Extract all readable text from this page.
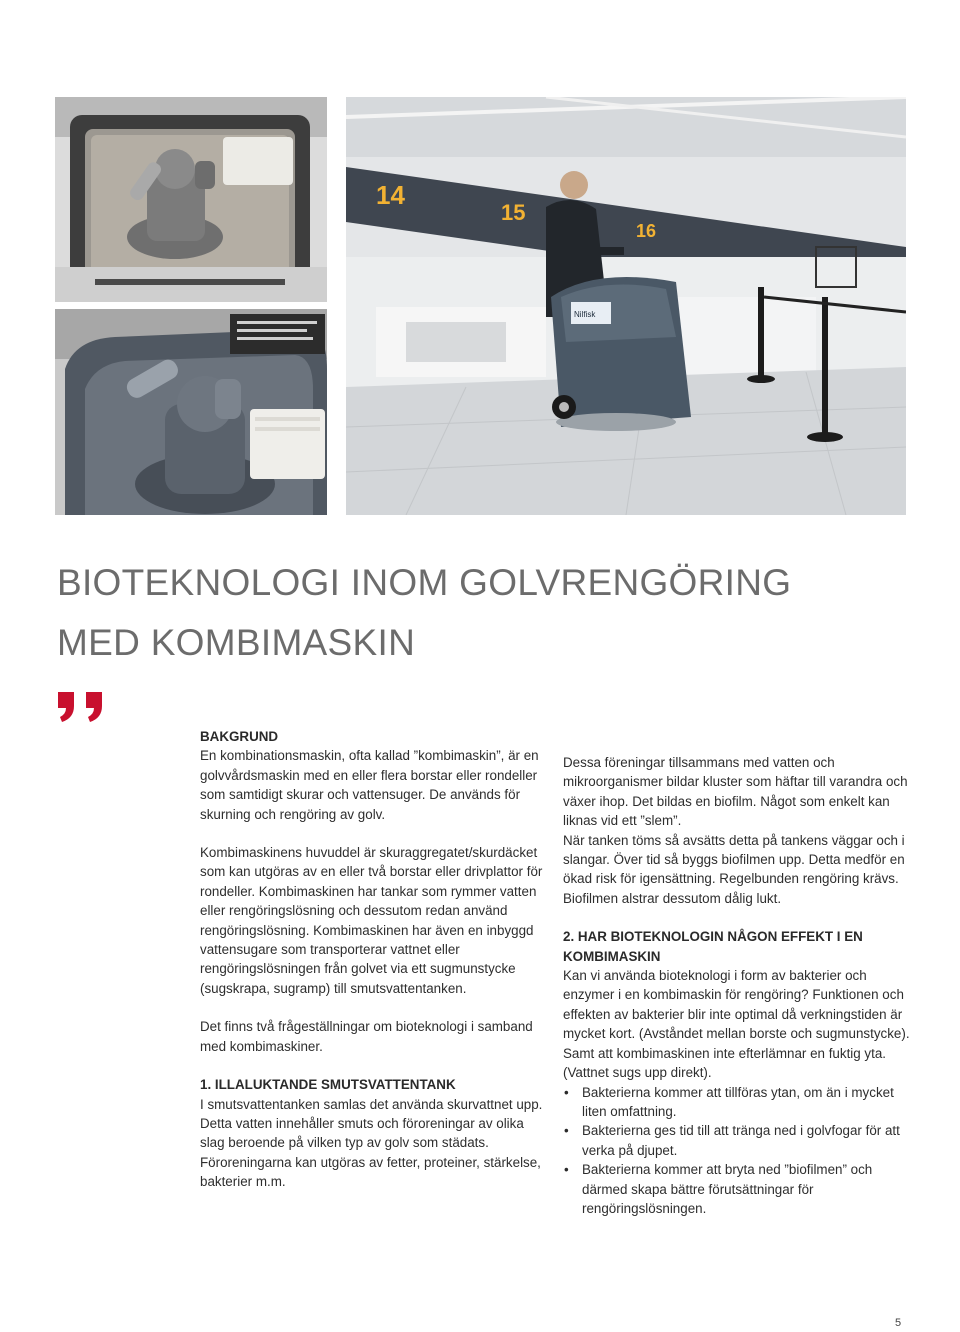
14
15
16
Nilfisk
BIOTEKNOLOGI INOM GOLVRENGÖRING
MED KOMBIMASKIN
BAKGRUND

En kombinationsmaskin, ofta kallad ”kombimaskin”, är en golvvårdsmaskin med en eller flera borstar eller rondeller som samtidigt skurar och vattensuger. De används för skurning och rengöring av golv.

Kombimaskinens huvuddel är skuraggregatet/skurdäcket som kan utgöras av en eller två borstar eller drivplattor för rondeller. Kombimaskinen har tankar som rymmer vatten eller rengöringslösning och dessutom redan använd rengöringslösning. Kombimaskinen har även en inbyggd vattensugare som transporterar vattnet eller rengöringslösningen från golvet via ett sugmunstycke (sugskrapa, sugramp) till smutsvattentanken.

Det finns två frågeställningar om bioteknologi i samband med kombimaskiner.

1. ILLALUKTANDE SMUTSVATTENTANK

I smutsvattentanken samlas det använda skurvattnet upp. Detta vatten innehåller smuts och föroreningar av olika slag beroende på vilken typ av golv som städats. Föroreningarna kan utgöras av fetter, proteiner, stärkelse, bakterier m.m.

Dessa föreningar tillsammans med vatten och mikroorganismer bildar kluster som häftar till varandra och växer ihop. Det bildas en biofilm. Något som enkelt kan liknas vid ett ”slem”.

När tanken töms så avsätts detta på tankens väggar och i slangar. Över tid så byggs biofilmen upp. Detta medför en ökad risk för igensättning. Regelbunden rengöring krävs. Biofilmen alstrar dessutom dålig lukt.

2. HAR BIOTEKNOLOGIN NÅGON EFFEKT I EN KOMBIMASKIN

Kan vi använda bioteknologi i form av bakterier och enzymer i en kombimaskin för rengöring? Funktionen och effekten av bakterier blir inte optimal då verkningstiden är mycket kort. (Avståndet mellan borste och sugmunstycke). Samt att kombimaskinen inte efterlämnar en fuktig yta. (Vattnet sugs upp direkt).

• Bakterierna kommer att tillföras ytan, om än i mycket liten omfattning.
• Bakterierna ges tid till att tränga ned i golvfogar för att verka på djupet.
• Bakterierna kommer att bryta ned ”biofilmen” och därmed skapa bättre förutsättningar för rengöringslösningen.
5
